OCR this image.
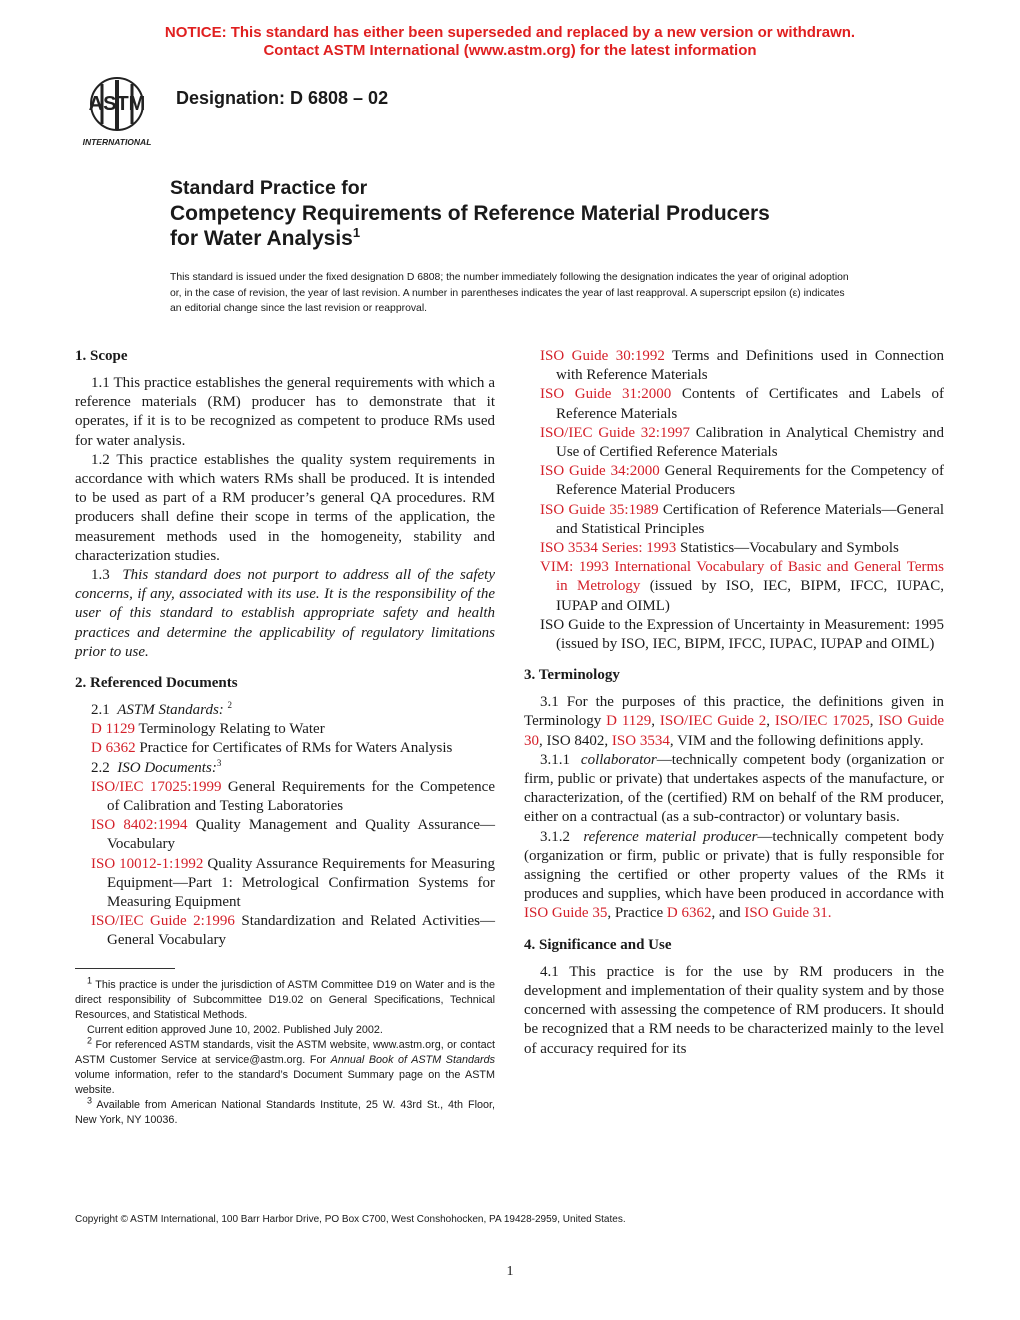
NOTICE: This standard has either been superseded and replaced by a new version or withdrawn.
Contact ASTM International (www.astm.org) for the latest information
ASTM
INTERNATIONAL
Designation: D 6808 – 02
Standard Practice for
Competency Requirements of Reference Material Producers
for Water Analysis$^1$
This standard is issued under the fixed designation D 6808; the number immediately following the designation indicates the year of original adoption or, in the case of revision, the year of last revision. A number in parentheses indicates the year of last reapproval. A superscript epsilon (ε) indicates an editorial change since the last revision or reapproval.
1. Scope

1.1 This practice establishes the general requirements with which a reference materials (RM) producer has to demonstrate that it operates, if it is to be recognized as competent to produce RMs used for water analysis.

1.2 This practice establishes the quality system requirements in accordance with which waters RMs shall be produced. It is intended to be used as part of a RM producer’s general QA procedures. RM producers shall define their scope in terms of the application, the measurement methods used in the homogeneity, stability and characterization studies.

1.3 This standard does not purport to address all of the safety concerns, if any, associated with its use. It is the responsibility of the user of this standard to establish appropriate safety and health practices and determine the applicability of regulatory limitations prior to use.

2. Referenced Documents

2.1 ASTM Standards: $^2$

D 1129 Terminology Relating to Water

D 6362 Practice for Certificates of RMs for Waters Analysis

2.2 ISO Documents:$^3$

ISO/IEC 17025:1999 General Requirements for the Competence of Calibration and Testing Laboratories

ISO 8402:1994 Quality Management and Quality Assurance—Vocabulary

ISO 10012-1:1992 Quality Assurance Requirements for Measuring Equipment—Part 1: Metrological Confirmation Systems for Measuring Equipment

ISO/IEC Guide 2:1996 Standardization and Related Activities—General Vocabulary

$^1$ This practice is under the jurisdiction of ASTM Committee D19 on Water and is the direct responsibility of Subcommittee D19.02 on General Specifications, Technical Resources, and Statistical Methods.

Current edition approved June 10, 2002. Published July 2002.

$^2$ For referenced ASTM standards, visit the ASTM website, www.astm.org, or contact ASTM Customer Service at service@astm.org. For Annual Book of ASTM Standards volume information, refer to the standard’s Document Summary page on the ASTM website.

$^3$ Available from American National Standards Institute, 25 W. 43rd St., 4th Floor, New York, NY 10036.

ISO Guide 30:1992 Terms and Definitions used in Connection with Reference Materials

ISO Guide 31:2000 Contents of Certificates and Labels of Reference Materials

ISO/IEC Guide 32:1997 Calibration in Analytical Chemistry and Use of Certified Reference Materials

ISO Guide 34:2000 General Requirements for the Competency of Reference Material Producers

ISO Guide 35:1989 Certification of Reference Materials—General and Statistical Principles

ISO 3534 Series: 1993 Statistics—Vocabulary and Symbols

VIM: 1993 International Vocabulary of Basic and General Terms in Metrology (issued by ISO, IEC, BIPM, IFCC, IUPAC, IUPAP and OIML)

ISO Guide to the Expression of Uncertainty in Measurement: 1995 (issued by ISO, IEC, BIPM, IFCC, IUPAC, IUPAP and OIML)

3. Terminology

3.1 For the purposes of this practice, the definitions given in Terminology D 1129, ISO/IEC Guide 2, ISO/IEC 17025, ISO Guide 30, ISO 8402, ISO 3534, VIM and the following definitions apply.

3.1.1 collaborator—technically competent body (organization or firm, public or private) that undertakes aspects of the manufacture, or characterization, of the (certified) RM on behalf of the RM producer, either on a contractual (as a sub-contractor) or voluntary basis.

3.1.2 reference material producer—technically competent body (organization or firm, public or private) that is fully responsible for assigning the certified or other property values of the RMs it produces and supplies, which have been produced in accordance with ISO Guide 35, Practice D 6362, and ISO Guide 31.

4. Significance and Use

4.1 This practice is for the use by RM producers in the development and implementation of their quality system and by those concerned with assessing the competence of RM producers. It should be recognized that a RM needs to be characterized mainly to the level of accuracy required for its

Copyright © ASTM International, 100 Barr Harbor Drive, PO Box C700, West Conshohocken, PA 19428-2959, United States.
1
